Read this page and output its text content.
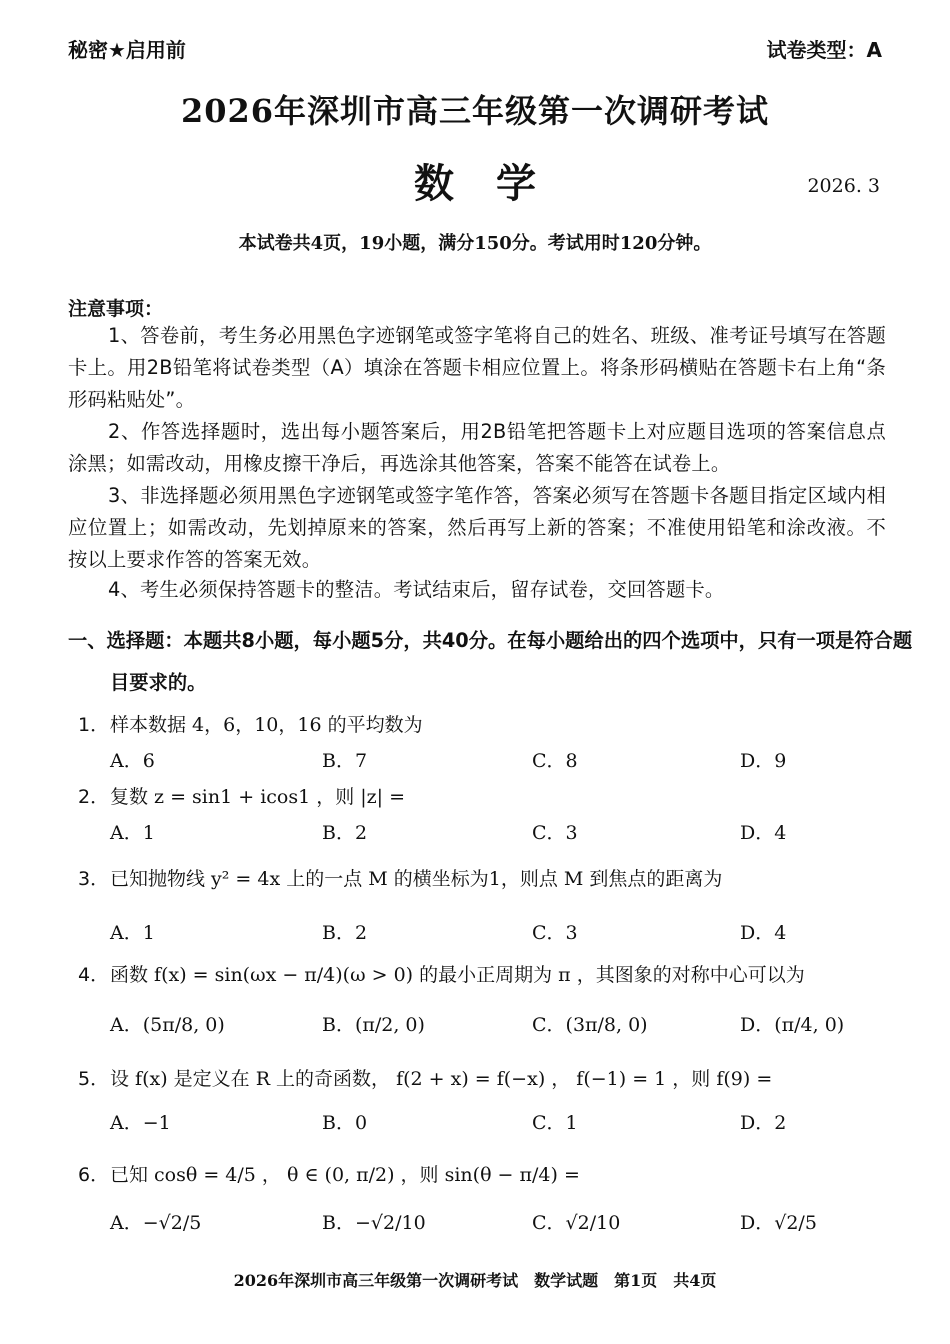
秘密★启用前	试卷类型：A
2026年深圳市高三年级第一次调研考试
数学	2026. 3
本试卷共4页，19小题，满分150分。考试用时120分钟。
注意事项：
1、答卷前，考生务必用黑色字迹钢笔或签字笔将自己的姓名、班级、准考证号填写在答题卡上。用2B铅笔将试卷类型（A）填涂在答题卡相应位置上。将条形码横贴在答题卡右上角“条形码粘贴处”。
2、作答选择题时，选出每小题答案后，用2B铅笔把答题卡上对应题目选项的答案信息点涂黑；如需改动，用橡皮擦干净后，再选涂其他答案，答案不能答在试卷上。
3、非选择题必须用黑色字迹钢笔或签字笔作答，答案必须写在答题卡各题目指定区域内相应位置上；如需改动，先划掉原来的答案，然后再写上新的答案；不准使用铅笔和涂改液。不按以上要求作答的答案无效。
4、考生必须保持答题卡的整洁。考试结束后，留存试卷，交回答题卡。
一、选择题：本题共8小题，每小题5分，共40分。在每小题给出的四个选项中，只有一项是符合题目要求的。
1． 样本数据 4，6，10，16 的平均数为
A．6	B．7	C．8	D．9
2． 复数 z = sin1 + icos1 ，则 |z| =
A．1	B．2	C．3	D．4
3． 已知抛物线 y² = 4x 上的一点 M 的横坐标为1，则点 M 到焦点的距离为
A．1	B．2	C．3	D．4
4． 函数 f(x) = sin(ωx − π/4)(ω > 0) 的最小正周期为 π ，其图象的对称中心可以为
A．(5π/8, 0)	B．(π/2, 0)	C．(3π/8, 0)	D．(π/4, 0)
5． 设 f(x) 是定义在 R 上的奇函数， f(2 + x) = f(−x) ， f(−1) = 1 ，则 f(9) =
A．−1	B．0	C．1	D．2
6． 已知 cosθ = 4/5 ， θ ∈ (0, π/2) ，则 sin(θ − π/4) =
A．−√2/5	B．−√2/10	C．√2/10	D．√2/5
2026年深圳市高三年级第一次调研考试　数学试题　第1页　共4页
